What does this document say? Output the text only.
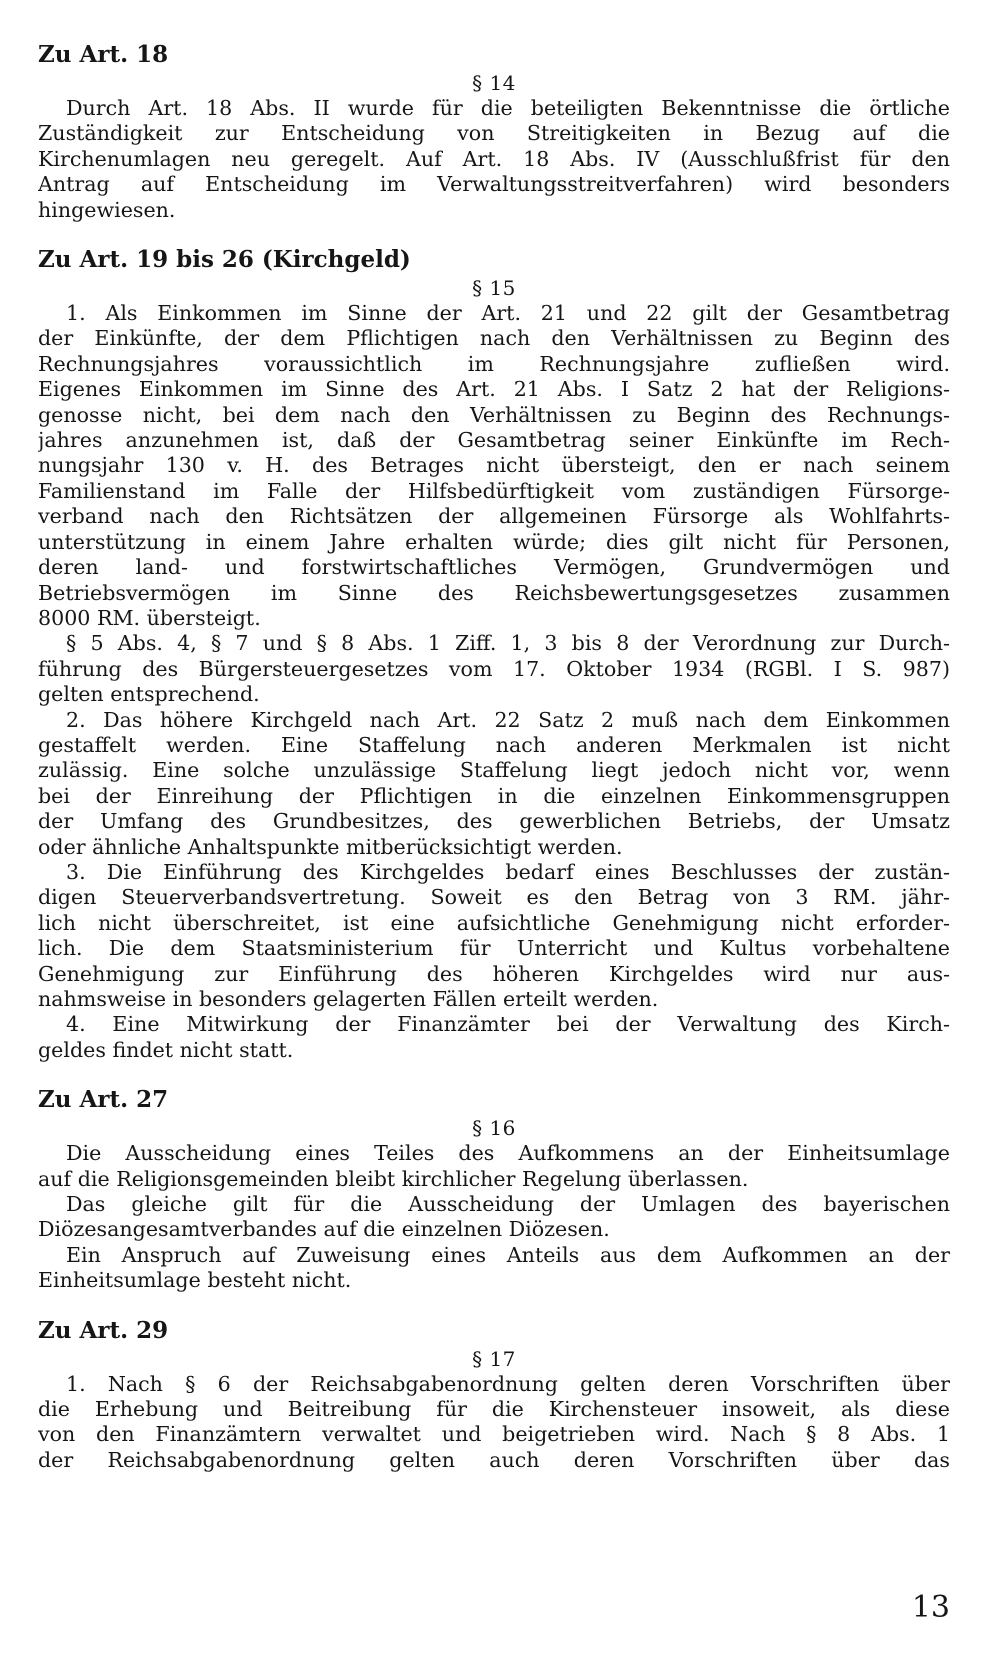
Zu Art. 18
§ 14
Durch Art. 18 Abs. II wurde für die beteiligten Bekenntnisse die örtliche
Zuständigkeit zur Entscheidung von Streitigkeiten in Bezug auf die
Kirchenumlagen neu geregelt. Auf Art. 18 Abs. IV (Ausschlußfrist für den
Antrag auf Entscheidung im Verwaltungsstreitverfahren) wird besonders
hingewiesen.
Zu Art. 19 bis 26 (Kirchgeld)
§ 15
1. Als Einkommen im Sinne der Art. 21 und 22 gilt der Gesamtbetrag
der Einkünfte, der dem Pflichtigen nach den Verhältnissen zu Beginn des
Rechnungsjahres voraussichtlich im Rechnungsjahre zufließen wird.
Eigenes Einkommen im Sinne des Art. 21 Abs. I Satz 2 hat der Religions-
genosse nicht, bei dem nach den Verhältnissen zu Beginn des Rechnungs-
jahres anzunehmen ist, daß der Gesamtbetrag seiner Einkünfte im Rech-
nungsjahr 130 v. H. des Betrages nicht übersteigt, den er nach seinem
Familienstand im Falle der Hilfsbedürftigkeit vom zuständigen Fürsorge-
verband nach den Richtsätzen der allgemeinen Fürsorge als Wohlfahrts-
unterstützung in einem Jahre erhalten würde; dies gilt nicht für Personen,
deren land- und forstwirtschaftliches Vermögen, Grundvermögen und
Betriebsvermögen im Sinne des Reichsbewertungsgesetzes zusammen
8000 RM. übersteigt.
§ 5 Abs. 4, § 7 und § 8 Abs. 1 Ziff. 1, 3 bis 8 der Verordnung zur Durch-
führung des Bürgersteuergesetzes vom 17. Oktober 1934 (RGBl. I S. 987)
gelten entsprechend.
2. Das höhere Kirchgeld nach Art. 22 Satz 2 muß nach dem Einkommen
gestaffelt werden. Eine Staffelung nach anderen Merkmalen ist nicht
zulässig. Eine solche unzulässige Staffelung liegt jedoch nicht vor, wenn
bei der Einreihung der Pflichtigen in die einzelnen Einkommensgruppen
der Umfang des Grundbesitzes, des gewerblichen Betriebs, der Umsatz
oder ähnliche Anhaltspunkte mitberücksichtigt werden.
3. Die Einführung des Kirchgeldes bedarf eines Beschlusses der zustän-
digen Steuerverbandsvertretung. Soweit es den Betrag von 3 RM. jähr-
lich nicht überschreitet, ist eine aufsichtliche Genehmigung nicht erforder-
lich. Die dem Staatsministerium für Unterricht und Kultus vorbehaltene
Genehmigung zur Einführung des höheren Kirchgeldes wird nur aus-
nahmsweise in besonders gelagerten Fällen erteilt werden.
4. Eine Mitwirkung der Finanzämter bei der Verwaltung des Kirch-
geldes findet nicht statt.
Zu Art. 27
§ 16
Die Ausscheidung eines Teiles des Aufkommens an der Einheitsumlage
auf die Religionsgemeinden bleibt kirchlicher Regelung überlassen.
Das gleiche gilt für die Ausscheidung der Umlagen des bayerischen
Diözesangesamtverbandes auf die einzelnen Diözesen.
Ein Anspruch auf Zuweisung eines Anteils aus dem Aufkommen an der
Einheitsumlage besteht nicht.
Zu Art. 29
§ 17
1. Nach § 6 der Reichsabgabenordnung gelten deren Vorschriften über
die Erhebung und Beitreibung für die Kirchensteuer insoweit, als diese
von den Finanzämtern verwaltet und beigetrieben wird. Nach § 8 Abs. 1
der Reichsabgabenordnung gelten auch deren Vorschriften über das
13
